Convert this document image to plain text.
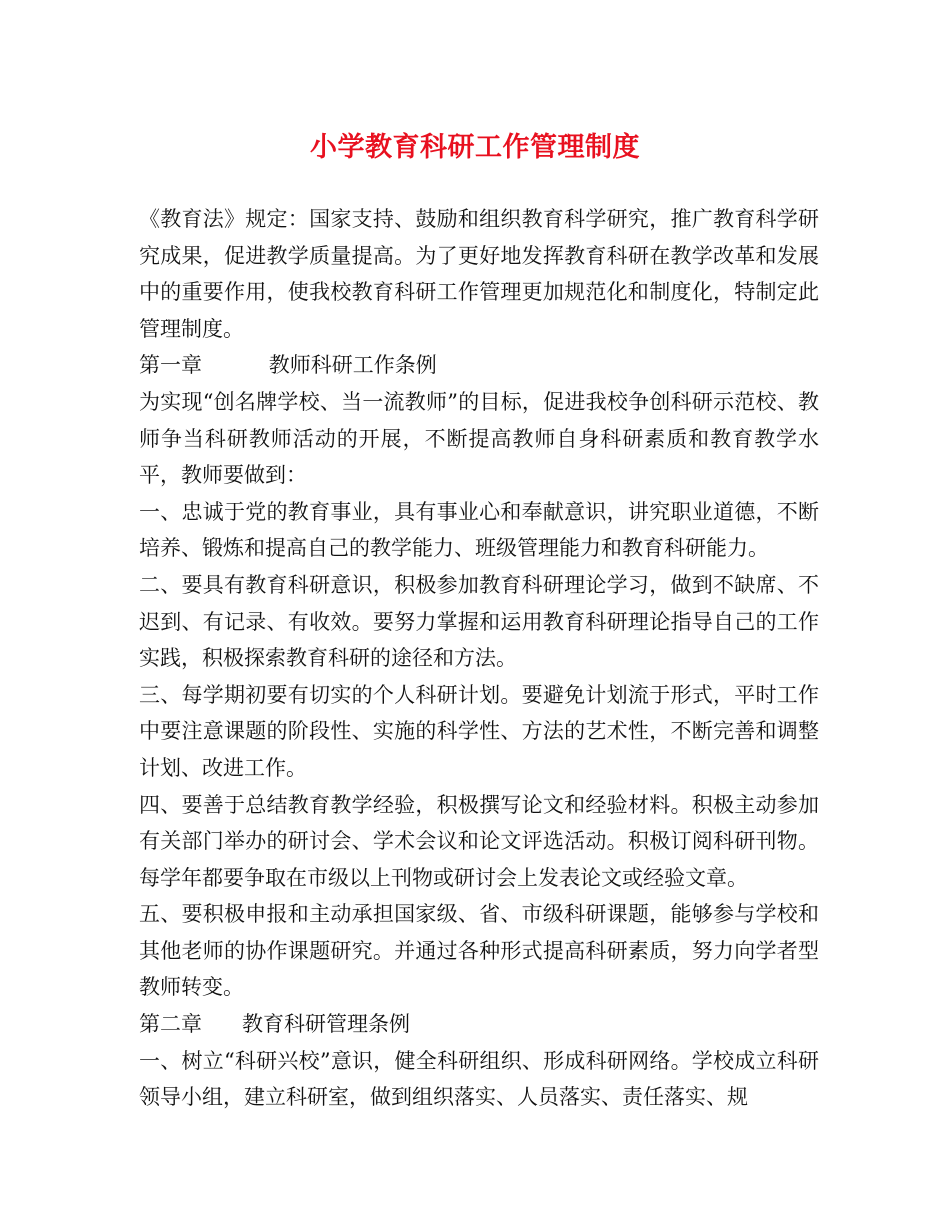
小学教育科研工作管理制度

《教育法》规定：国家支持、鼓励和组织教育科学研究，推广教育科学研究成果，促进教学质量提高。为了更好地发挥教育科研在教学改革和发展中的重要作用，使我校教育科研工作管理更加规范化和制度化，特制定此管理制度。

第一章          教师科研工作条例

为实现“创名牌学校、当一流教师”的目标，促进我校争创科研示范校、教师争当科研教师活动的开展，不断提高教师自身科研素质和教育教学水平，教师要做到：

一、忠诚于党的教育事业，具有事业心和奉献意识，讲究职业道德，不断培养、锻炼和提高自己的教学能力、班级管理能力和教育科研能力。

二、要具有教育科研意识，积极参加教育科研理论学习，做到不缺席、不迟到、有记录、有收效。要努力掌握和运用教育科研理论指导自己的工作实践，积极探索教育科研的途径和方法。

三、每学期初要有切实的个人科研计划。要避免计划流于形式，平时工作中要注意课题的阶段性、实施的科学性、方法的艺术性，不断完善和调整计划、改进工作。

四、要善于总结教育教学经验，积极撰写论文和经验材料。积极主动参加有关部门举办的研讨会、学术会议和论文评选活动。积极订阅科研刊物。每学年都要争取在市级以上刊物或研讨会上发表论文或经验文章。

五、要积极申报和主动承担国家级、省、市级科研课题，能够参与学校和其他老师的协作课题研究。并通过各种形式提高科研素质，努力向学者型教师转变。

第二章      教育科研管理条例

一、树立“科研兴校”意识，健全科研组织、形成科研网络。学校成立科研领导小组，建立科研室，做到组织落实、人员落实、责任落实、规
